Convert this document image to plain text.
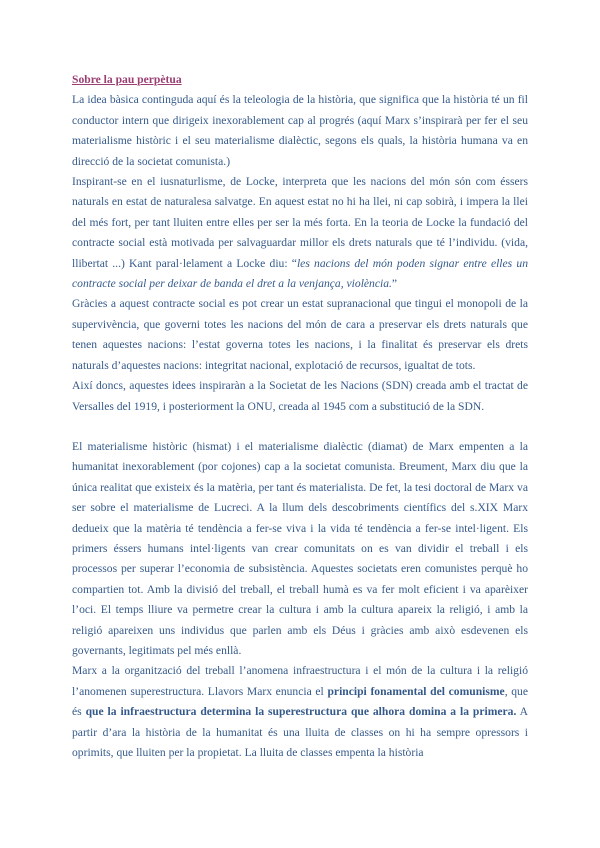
Sobre la pau perpètua

La idea bàsica continguda aquí és la teleologia de la història, que significa que la història té un fil conductor intern que dirigeix inexorablement cap al progrés (aquí Marx s’inspirarà per fer el seu materialisme històric i el seu materialisme dialèctic, segons els quals, la història humana va en direcció de la societat comunista.)

Inspirant-se en el iusnaturlisme, de Locke, interpreta que les nacions del món són com éssers naturals en estat de naturalesa salvatge. En aquest estat no hi ha llei, ni cap sobirà, i impera la llei del més fort, per tant lluiten entre elles per ser la més forta. En la teoria de Locke la fundació del contracte social està motivada per salvaguardar millor els drets naturals que té l’individu. (vida, llibertat ...) Kant paral·lelament a Locke diu: “les nacions del món poden signar entre elles un contracte social per deixar de banda el dret a la venjança, violència.”

Gràcies a aquest contracte social es pot crear un estat supranacional que tingui el monopoli de la supervivència, que governi totes les nacions del món de cara a preservar els drets naturals que tenen aquestes nacions: l’estat governa totes les nacions, i la finalitat és preservar els drets naturals d’aquestes nacions: integritat nacional, explotació de recursos, igualtat de tots.

Així doncs, aquestes idees inspiraràn a la Societat de les Nacions (SDN) creada amb el tractat de Versalles del 1919, i posteriorment la ONU, creada al 1945 com a substitució de la SDN.

El materialisme històric (hismat) i el materialisme dialèctic (diamat) de Marx empenten a la humanitat inexorablement (por cojones) cap a la societat comunista. Breument, Marx diu que la única realitat que existeix és la matèria, per tant és materialista. De fet, la tesi doctoral de Marx va ser sobre el materialisme de Lucreci. A la llum dels descobriments científics del s.XIX Marx dedueix que la matèria té tendència a fer-se viva i la vida té tendència a fer-se intel·ligent. Els primers éssers humans intel·ligents van crear comunitats on es van dividir el treball i els processos per superar l’economia de subsistència. Aquestes societats eren comunistes perquè ho compartien tot. Amb la divisió del treball, el treball humà es va fer molt eficient i va aparèixer l’oci. El temps lliure va permetre crear la cultura i amb la cultura apareix la religió, i amb la religió apareixen uns individus que parlen amb els Déus i gràcies amb això esdevenen els governants, legitimats pel més enllà.

Marx a la organització del treball l’anomena infraestructura i el món de la cultura i la religió l’anomenen superestructura. Llavors Marx enuncia el principi fonamental del comunisme, que és que la infraestructura determina la superestructura que alhora domina a la primera. A partir d’ara la història de la humanitat és una lluita de classes on hi ha sempre opressors i oprimits, que lluiten per la propietat. La lluita de classes empenta la història
